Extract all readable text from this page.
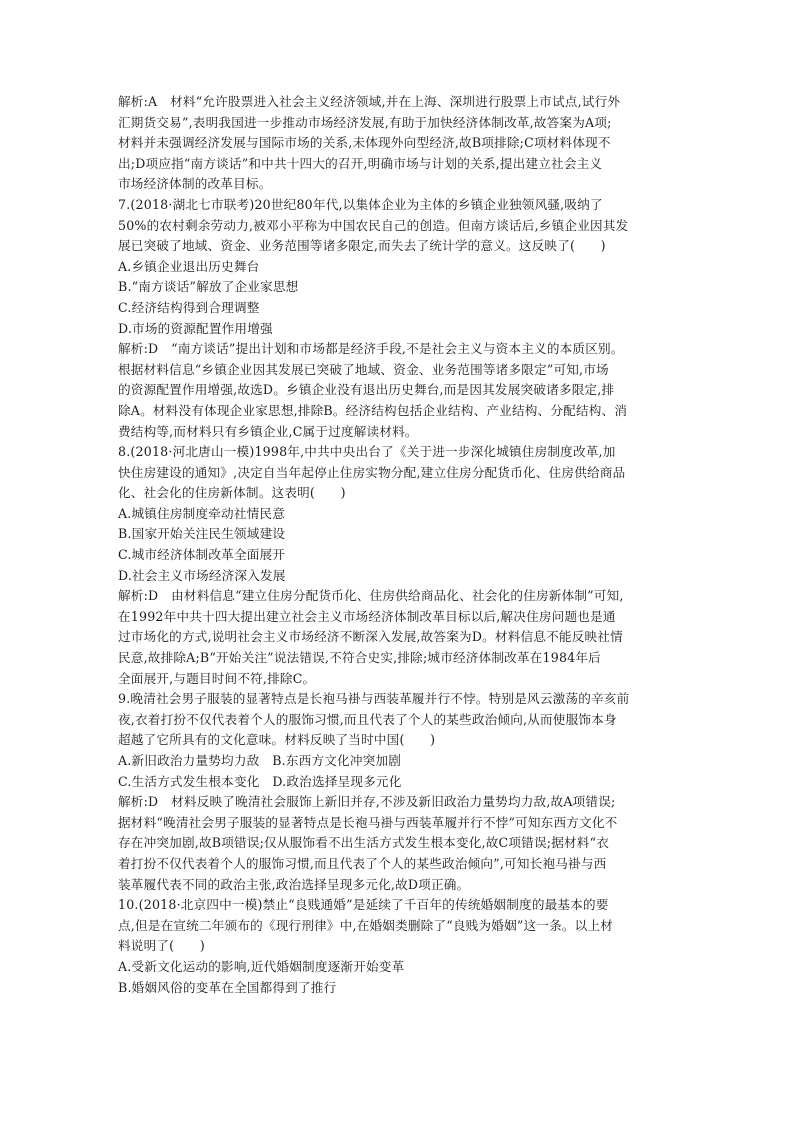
解析:A　材料“允许股票进入社会主义经济领域,并在上海、深圳进行股票上市试点,试行外
汇期货交易”,表明我国进一步推动市场经济发展,有助于加快经济体制改革,故答案为A项;
材料并未强调经济发展与国际市场的关系,未体现外向型经济,故B项排除;C项材料体现不
出;D项应指“南方谈话”和中共十四大的召开,明确市场与计划的关系,提出建立社会主义
市场经济体制的改革目标。
7.(2018·湖北七市联考)20世纪80年代,以集体企业为主体的乡镇企业独领风骚,吸纳了
50%的农村剩余劳动力,被邓小平称为中国农民自己的创造。但南方谈话后,乡镇企业因其发
展已突破了地域、资金、业务范围等诸多限定,而失去了统计学的意义。这反映了(　　)
A.乡镇企业退出历史舞台
B.“南方谈话”解放了企业家思想
C.经济结构得到合理调整
D.市场的资源配置作用增强
解析:D　“南方谈话”提出计划和市场都是经济手段,不是社会主义与资本主义的本质区别。
根据材料信息“乡镇企业因其发展已突破了地域、资金、业务范围等诸多限定”可知,市场
的资源配置作用增强,故选D。乡镇企业没有退出历史舞台,而是因其发展突破诸多限定,排
除A。材料没有体现企业家思想,排除B。经济结构包括企业结构、产业结构、分配结构、消
费结构等,而材料只有乡镇企业,C属于过度解读材料。
8.(2018·河北唐山一模)1998年,中共中央出台了《关于进一步深化城镇住房制度改革,加
快住房建设的通知》,决定自当年起停止住房实物分配,建立住房分配货币化、住房供给商品
化、社会化的住房新体制。这表明(　　)
A.城镇住房制度牵动社情民意
B.国家开始关注民生领域建设
C.城市经济体制改革全面展开
D.社会主义市场经济深入发展
解析:D　由材料信息“建立住房分配货币化、住房供给商品化、社会化的住房新体制”可知,
在1992年中共十四大提出建立社会主义市场经济体制改革目标以后,解决住房问题也是通
过市场化的方式,说明社会主义市场经济不断深入发展,故答案为D。材料信息不能反映社情
民意,故排除A;B“开始关注”说法错误,不符合史实,排除;城市经济体制改革在1984年后
全面展开,与题目时间不符,排除C。
9.晚清社会男子服装的显著特点是长袍马褂与西装革履并行不悖。特别是风云激荡的辛亥前
夜,衣着打扮不仅代表着个人的服饰习惯,而且代表了个人的某些政治倾向,从而使服饰本身
超越了它所具有的文化意味。材料反映了当时中国(　　)
A.新旧政治力量势均力敌　B.东西方文化冲突加剧
C.生活方式发生根本变化　D.政治选择呈现多元化
解析:D　材料反映了晚清社会服饰上新旧并存,不涉及新旧政治力量势均力敌,故A项错误;
据材料“晚清社会男子服装的显著特点是长袍马褂与西装革履并行不悖”可知东西方文化不
存在冲突加剧,故B项错误;仅从服饰看不出生活方式发生根本变化,故C项错误;据材料“衣
着打扮不仅代表着个人的服饰习惯,而且代表了个人的某些政治倾向”,可知长袍马褂与西
装革履代表不同的政治主张,政治选择呈现多元化,故D项正确。
10.(2018·北京四中一模)禁止“良贱通婚”是延续了千百年的传统婚姻制度的最基本的要
点,但是在宣统二年颁布的《现行刑律》中,在婚姻类删除了“良贱为婚姻”这一条。以上材
料说明了(　　)
A.受新文化运动的影响,近代婚姻制度逐渐开始变革
B.婚姻风俗的变革在全国都得到了推行
